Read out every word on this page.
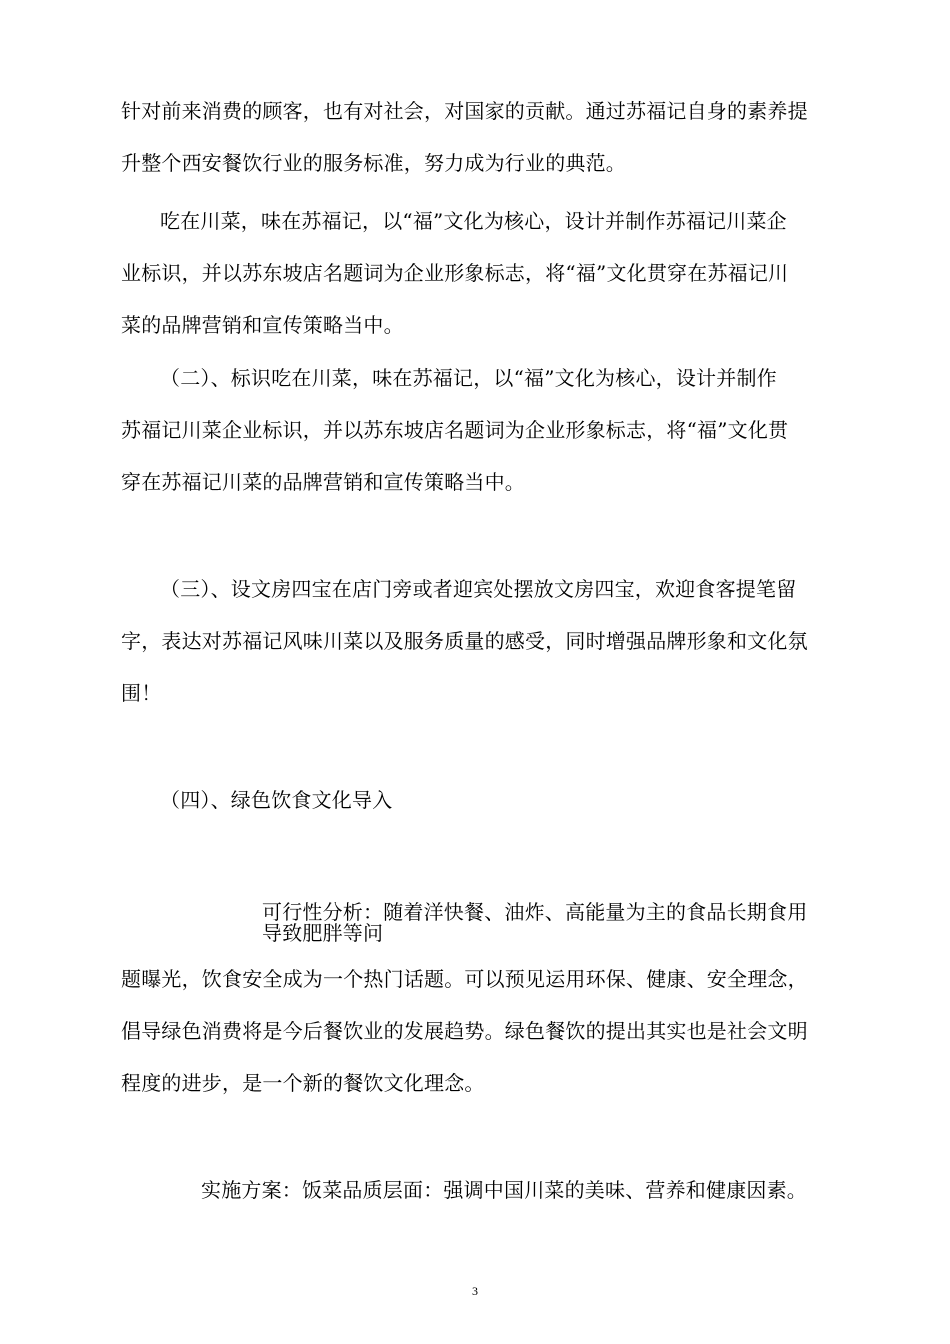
针对前来消费的顾客，也有对社会，对国家的贡献。通过苏福记自身的素养提
升整个西安餐饮行业的服务标准，努力成为行业的典范。
吃在川菜，味在苏福记，以“福”文化为核心，设计并制作苏福记川菜企
业标识，并以苏东坡店名题词为企业形象标志，将“福”文化贯穿在苏福记川
菜的品牌营销和宣传策略当中。
（二）、标识吃在川菜，味在苏福记，以“福”文化为核心，设计并制作
苏福记川菜企业标识，并以苏东坡店名题词为企业形象标志，将“福”文化贯
穿在苏福记川菜的品牌营销和宣传策略当中。
（三）、设文房四宝在店门旁或者迎宾处摆放文房四宝，欢迎食客提笔留
字，表达对苏福记风味川菜以及服务质量的感受，同时增强品牌形象和文化氛
围！
（四）、绿色饮食文化导入
可行性分析：随着洋快餐、油炸、高能量为主的食品长期食用
导致肥胖等问
题曝光，饮食安全成为一个热门话题。可以预见运用环保、健康、安全理念，
倡导绿色消费将是今后餐饮业的发展趋势。绿色餐饮的提出其实也是社会文明
程度的进步，是一个新的餐饮文化理念。
实施方案：饭菜品质层面：强调中国川菜的美味、营养和健康因素。
3
